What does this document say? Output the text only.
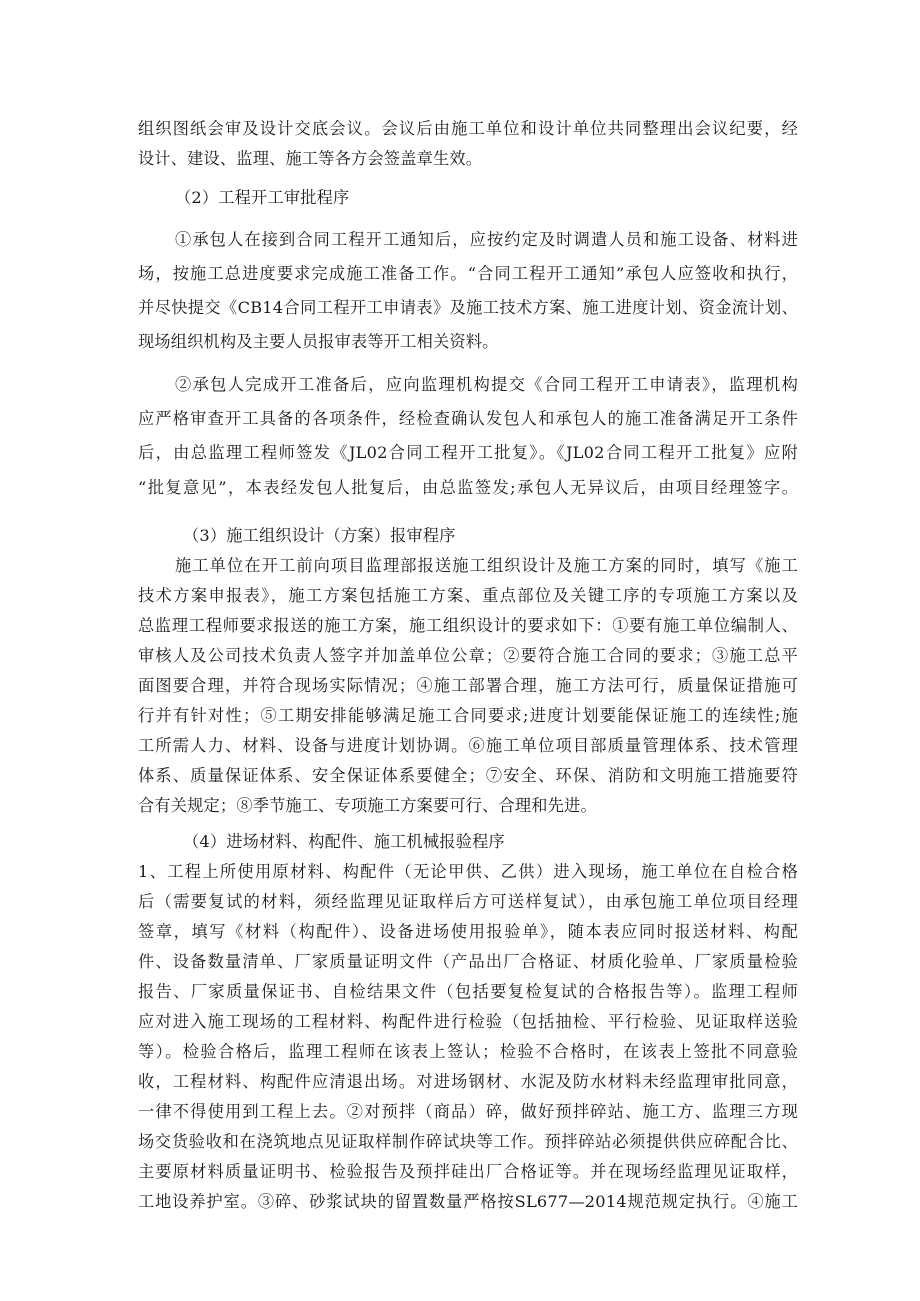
组织图纸会审及设计交底会议。会议后由施工单位和设计单位共同整理出会议纪要，经
设计、建设、监理、施工等各方会签盖章生效。
（2）工程开工审批程序
①承包人在接到合同工程开工通知后，应按约定及时调遣人员和施工设备、材料进
场，按施工总进度要求完成施工准备工作。“合同工程开工通知”承包人应签收和执行，
并尽快提交《CB14合同工程开工申请表》及施工技术方案、施工进度计划、资金流计划、
现场组织机构及主要人员报审表等开工相关资料。
②承包人完成开工准备后，应向监理机构提交《合同工程开工申请表》，监理机构
应严格审查开工具备的各项条件，经检查确认发包人和承包人的施工准备满足开工条件
后，由总监理工程师签发《JL02合同工程开工批复》。《JL02合同工程开工批复》应附
“批复意见”，本表经发包人批复后，由总监签发;承包人无异议后，由项目经理签字。
（3）施工组织设计（方案）报审程序
施工单位在开工前向项目监理部报送施工组织设计及施工方案的同时，填写《施工
技术方案申报表》，施工方案包括施工方案、重点部位及关键工序的专项施工方案以及
总监理工程师要求报送的施工方案，施工组织设计的要求如下：①要有施工单位编制人、
审核人及公司技术负责人签字并加盖单位公章；②要符合施工合同的要求；③施工总平
面图要合理，并符合现场实际情况；④施工部署合理，施工方法可行，质量保证措施可
行并有针对性；⑤工期安排能够满足施工合同要求;进度计划要能保证施工的连续性;施
工所需人力、材料、设备与进度计划协调。⑥施工单位项目部质量管理体系、技术管理
体系、质量保证体系、安全保证体系要健全；⑦安全、环保、消防和文明施工措施要符
合有关规定；⑧季节施工、专项施工方案要可行、合理和先进。
（4）进场材料、构配件、施工机械报验程序
1、工程上所使用原材料、构配件（无论甲供、乙供）进入现场，施工单位在自检合格
后（需要复试的材料，须经监理见证取样后方可送样复试），由承包施工单位项目经理
签章，填写《材料（构配件）、设备进场使用报验单》，随本表应同时报送材料、构配
件、设备数量清单、厂家质量证明文件（产品出厂合格证、材质化验单、厂家质量检验
报告、厂家质量保证书、自检结果文件（包括要复检复试的合格报告等）。监理工程师
应对进入施工现场的工程材料、构配件进行检验（包括抽检、平行检验、见证取样送验
等）。检验合格后，监理工程师在该表上签认；检验不合格时，在该表上签批不同意验
收，工程材料、构配件应清退出场。对进场钢材、水泥及防水材料未经监理审批同意，
一律不得使用到工程上去。②对预拌（商品）碎，做好预拌碎站、施工方、监理三方现
场交货验收和在浇筑地点见证取样制作碎试块等工作。预拌碎站必须提供供应碎配合比、
主要原材料质量证明书、检验报告及预拌硅出厂合格证等。并在现场经监理见证取样，
工地设养护室。③碎、砂浆试块的留置数量严格按SL677—2014规范规定执行。④施工
